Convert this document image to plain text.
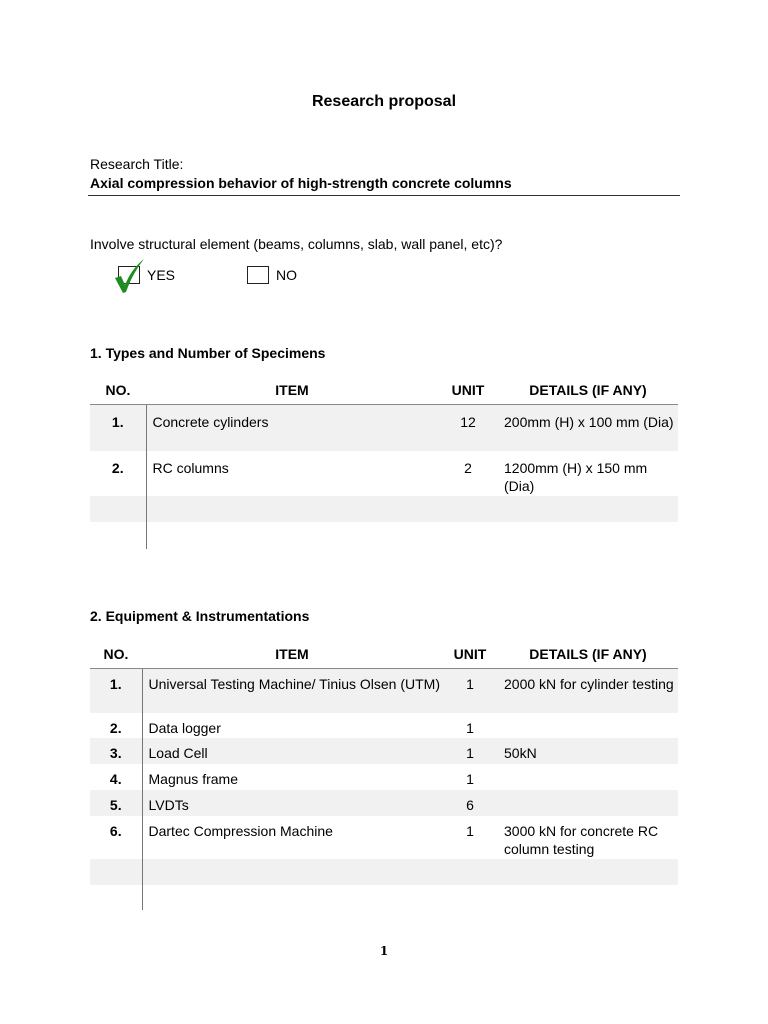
Research proposal
Research Title:
Axial compression behavior of high-strength concrete columns
Involve structural element (beams, columns, slab, wall panel, etc)?
YES	NO
1. Types and Number of Specimens
NO.	ITEM	UNIT	DETAILS (IF ANY)
1.	Concrete cylinders	12	200mm (H) x 100 mm (Dia)
2.	RC columns	2	1200mm (H) x 150 mm (Dia)

2. Equipment & Instrumentations
NO.	ITEM	UNIT	DETAILS (IF ANY)
1.	Universal Testing Machine/ Tinius Olsen (UTM)	1	2000 kN for cylinder testing
2.	Data logger	1	
3.	Load Cell	1	50kN
4.	Magnus frame	1	
5.	LVDTs	6	
6.	Dartec Compression Machine	1	3000 kN for concrete RC column testing

1
